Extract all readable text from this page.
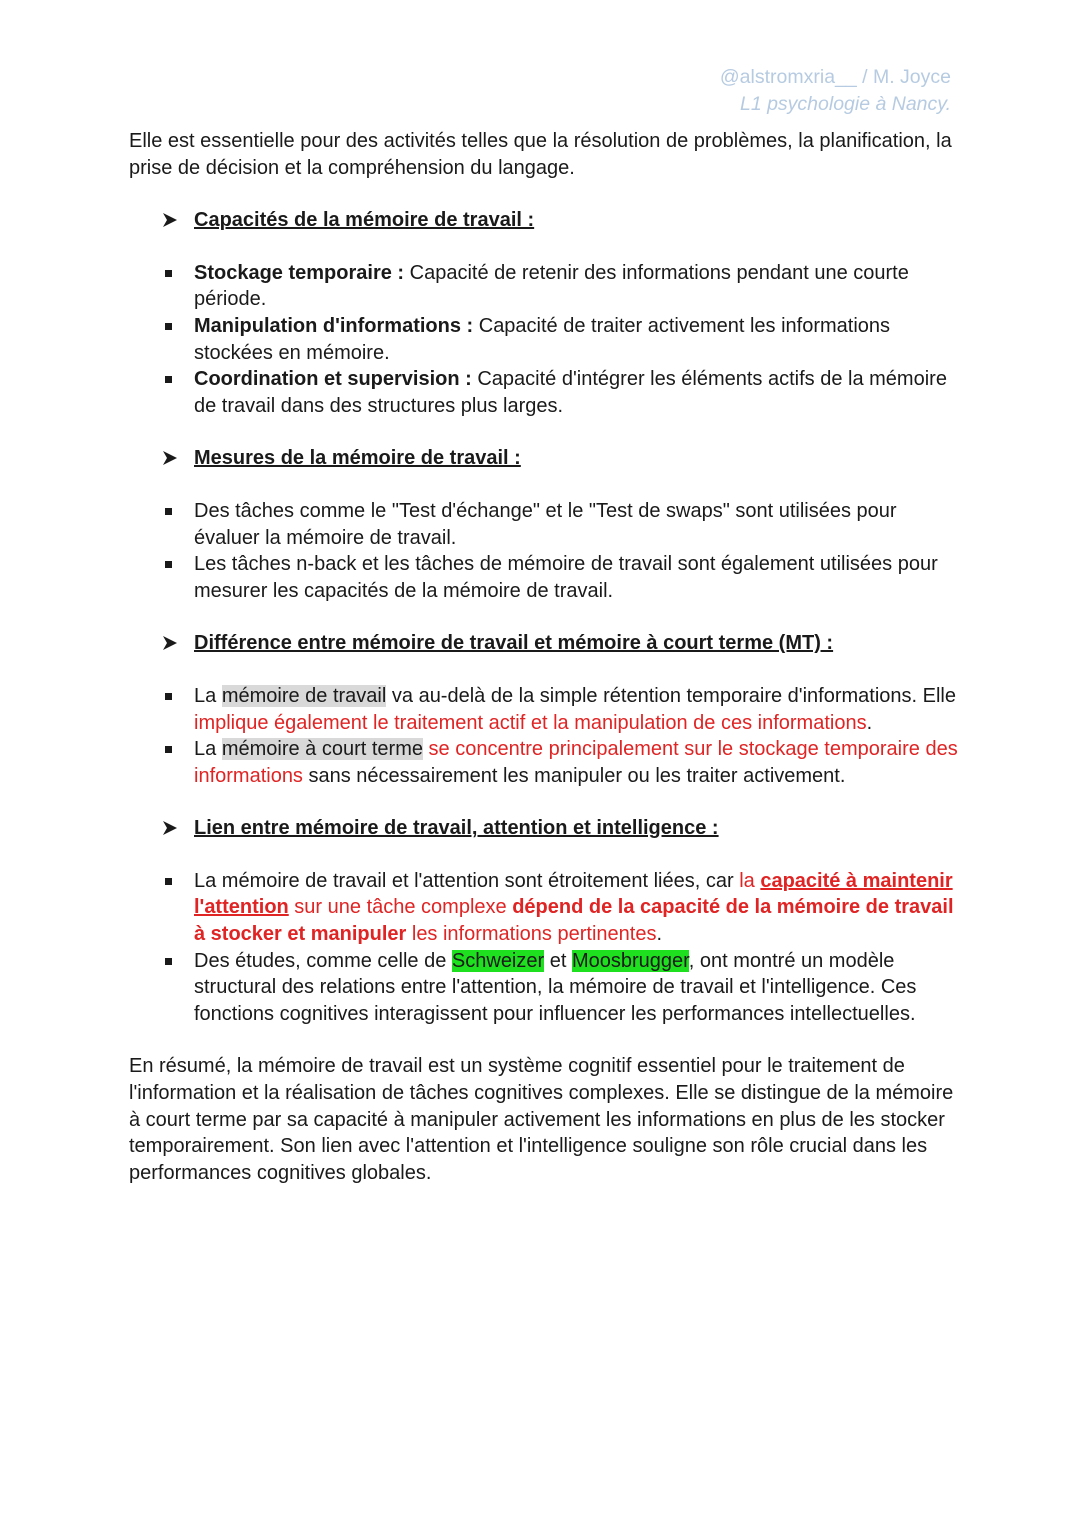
@alstromxria__ / M. Joyce
L1 psychologie à Nancy.

Elle est essentielle pour des activités telles que la résolution de problèmes, la planification, la prise de décision et la compréhension du langage.

Capacités de la mémoire de travail :
Stockage temporaire : Capacité de retenir des informations pendant une courte période.
Manipulation d'informations : Capacité de traiter activement les informations stockées en mémoire.
Coordination et supervision : Capacité d'intégrer les éléments actifs de la mémoire de travail dans des structures plus larges.
Mesures de la mémoire de travail :
Des tâches comme le "Test d'échange" et le "Test de swaps" sont utilisées pour évaluer la mémoire de travail.
Les tâches n-back et les tâches de mémoire de travail sont également utilisées pour mesurer les capacités de la mémoire de travail.
Différence entre mémoire de travail et mémoire à court terme (MT) :
La mémoire de travail va au-delà de la simple rétention temporaire d'informations. Elle implique également le traitement actif et la manipulation de ces informations.
La mémoire à court terme se concentre principalement sur le stockage temporaire des informations sans nécessairement les manipuler ou les traiter activement.
Lien entre mémoire de travail, attention et intelligence :
La mémoire de travail et l'attention sont étroitement liées, car la capacité à maintenir l'attention sur une tâche complexe dépend de la capacité de la mémoire de travail à stocker et manipuler les informations pertinentes.
Des études, comme celle de Schweizer et Moosbrugger, ont montré un modèle structural des relations entre l'attention, la mémoire de travail et l'intelligence. Ces fonctions cognitives interagissent pour influencer les performances intellectuelles.

En résumé, la mémoire de travail est un système cognitif essentiel pour le traitement de l'information et la réalisation de tâches cognitives complexes. Elle se distingue de la mémoire à court terme par sa capacité à manipuler activement les informations en plus de les stocker temporairement. Son lien avec l'attention et l'intelligence souligne son rôle crucial dans les performances cognitives globales.
